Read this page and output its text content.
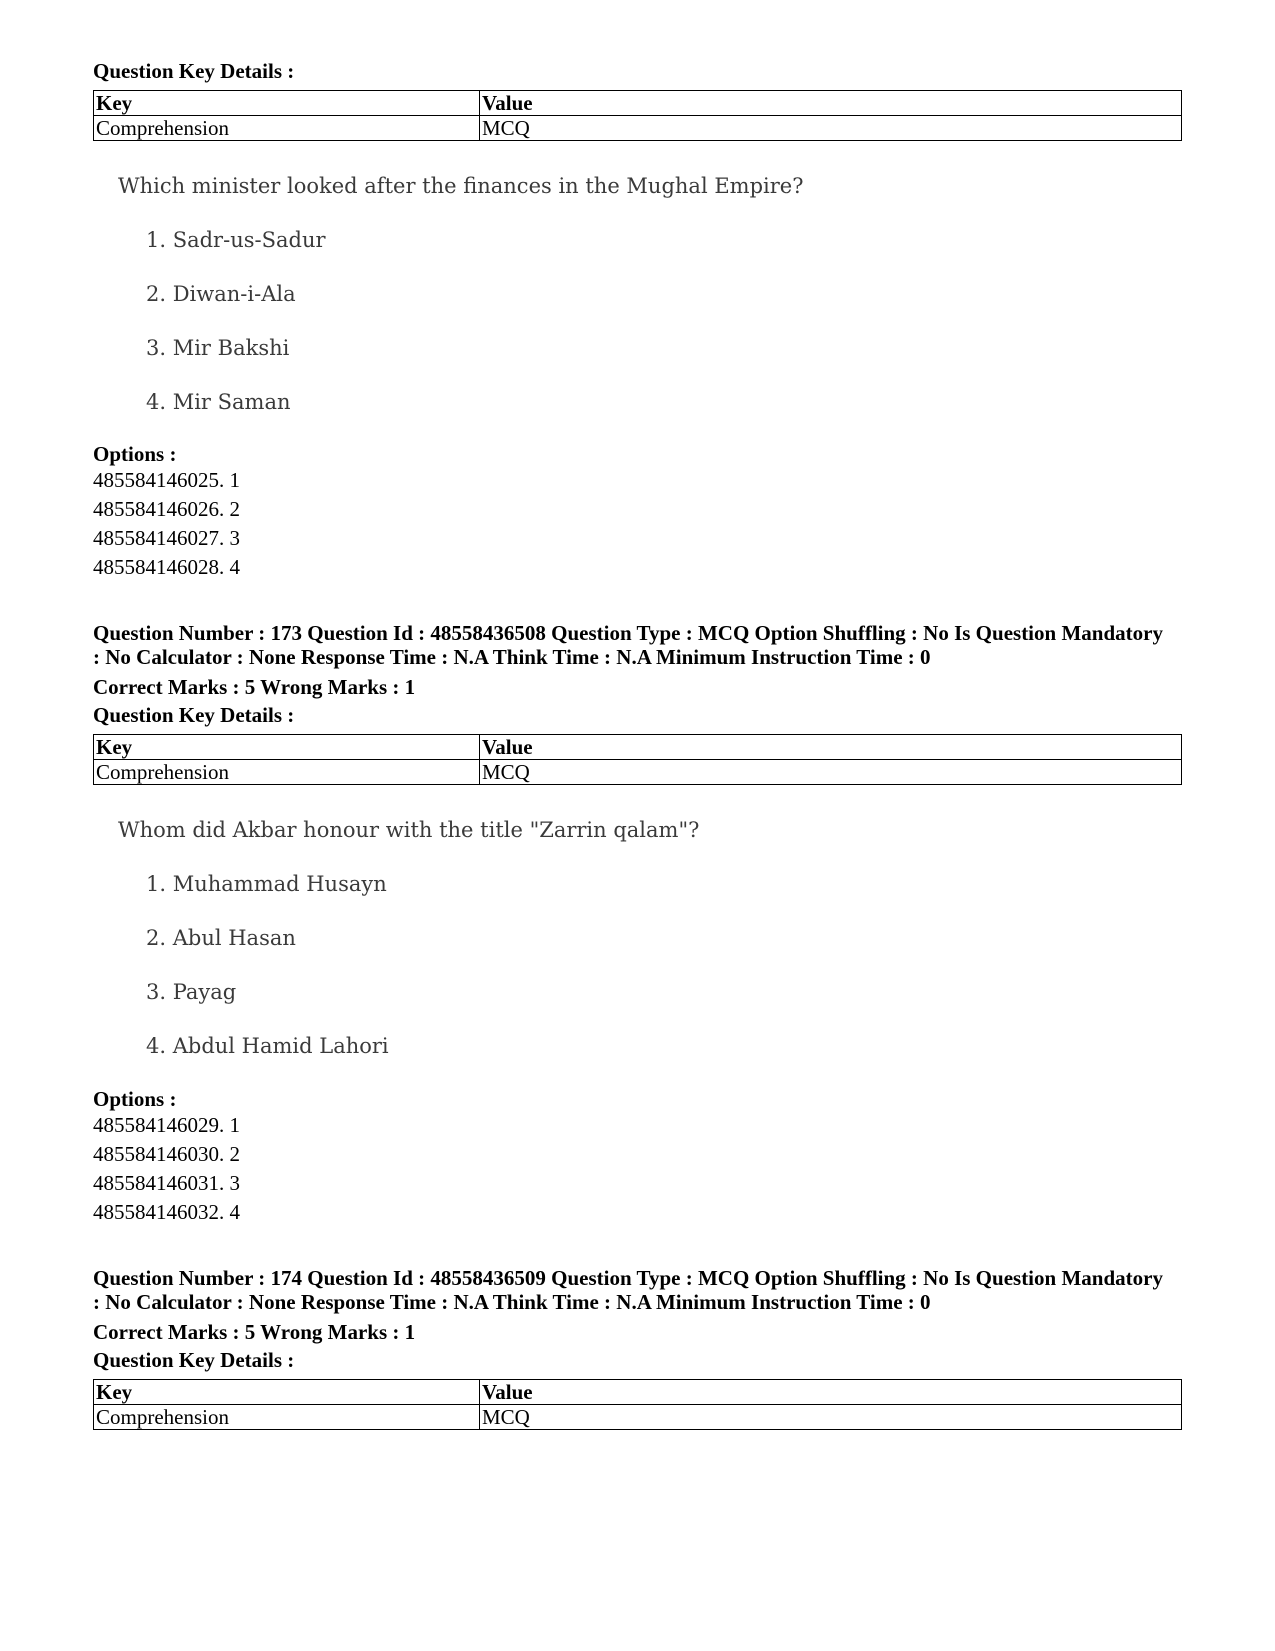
Question Key Details :
Key	Value
Comprehension	MCQ
Which minister looked after the finances in the Mughal Empire?
1. Sadr-us-Sadur
2. Diwan-i-Ala
3. Mir Bakshi
4. Mir Saman
Options :
485584146025. 1
485584146026. 2
485584146027. 3
485584146028. 4
Question Number : 173 Question Id : 48558436508 Question Type : MCQ Option Shuffling : No Is Question Mandatory
: No Calculator : None Response Time : N.A Think Time : N.A Minimum Instruction Time : 0
Correct Marks : 5 Wrong Marks : 1
Question Key Details :
Key	Value
Comprehension	MCQ
Whom did Akbar honour with the title "Zarrin qalam"?
1. Muhammad Husayn
2. Abul Hasan
3. Payag
4. Abdul Hamid Lahori
Options :
485584146029. 1
485584146030. 2
485584146031. 3
485584146032. 4
Question Number : 174 Question Id : 48558436509 Question Type : MCQ Option Shuffling : No Is Question Mandatory
: No Calculator : None Response Time : N.A Think Time : N.A Minimum Instruction Time : 0
Correct Marks : 5 Wrong Marks : 1
Question Key Details :
Key	Value
Comprehension	MCQ
